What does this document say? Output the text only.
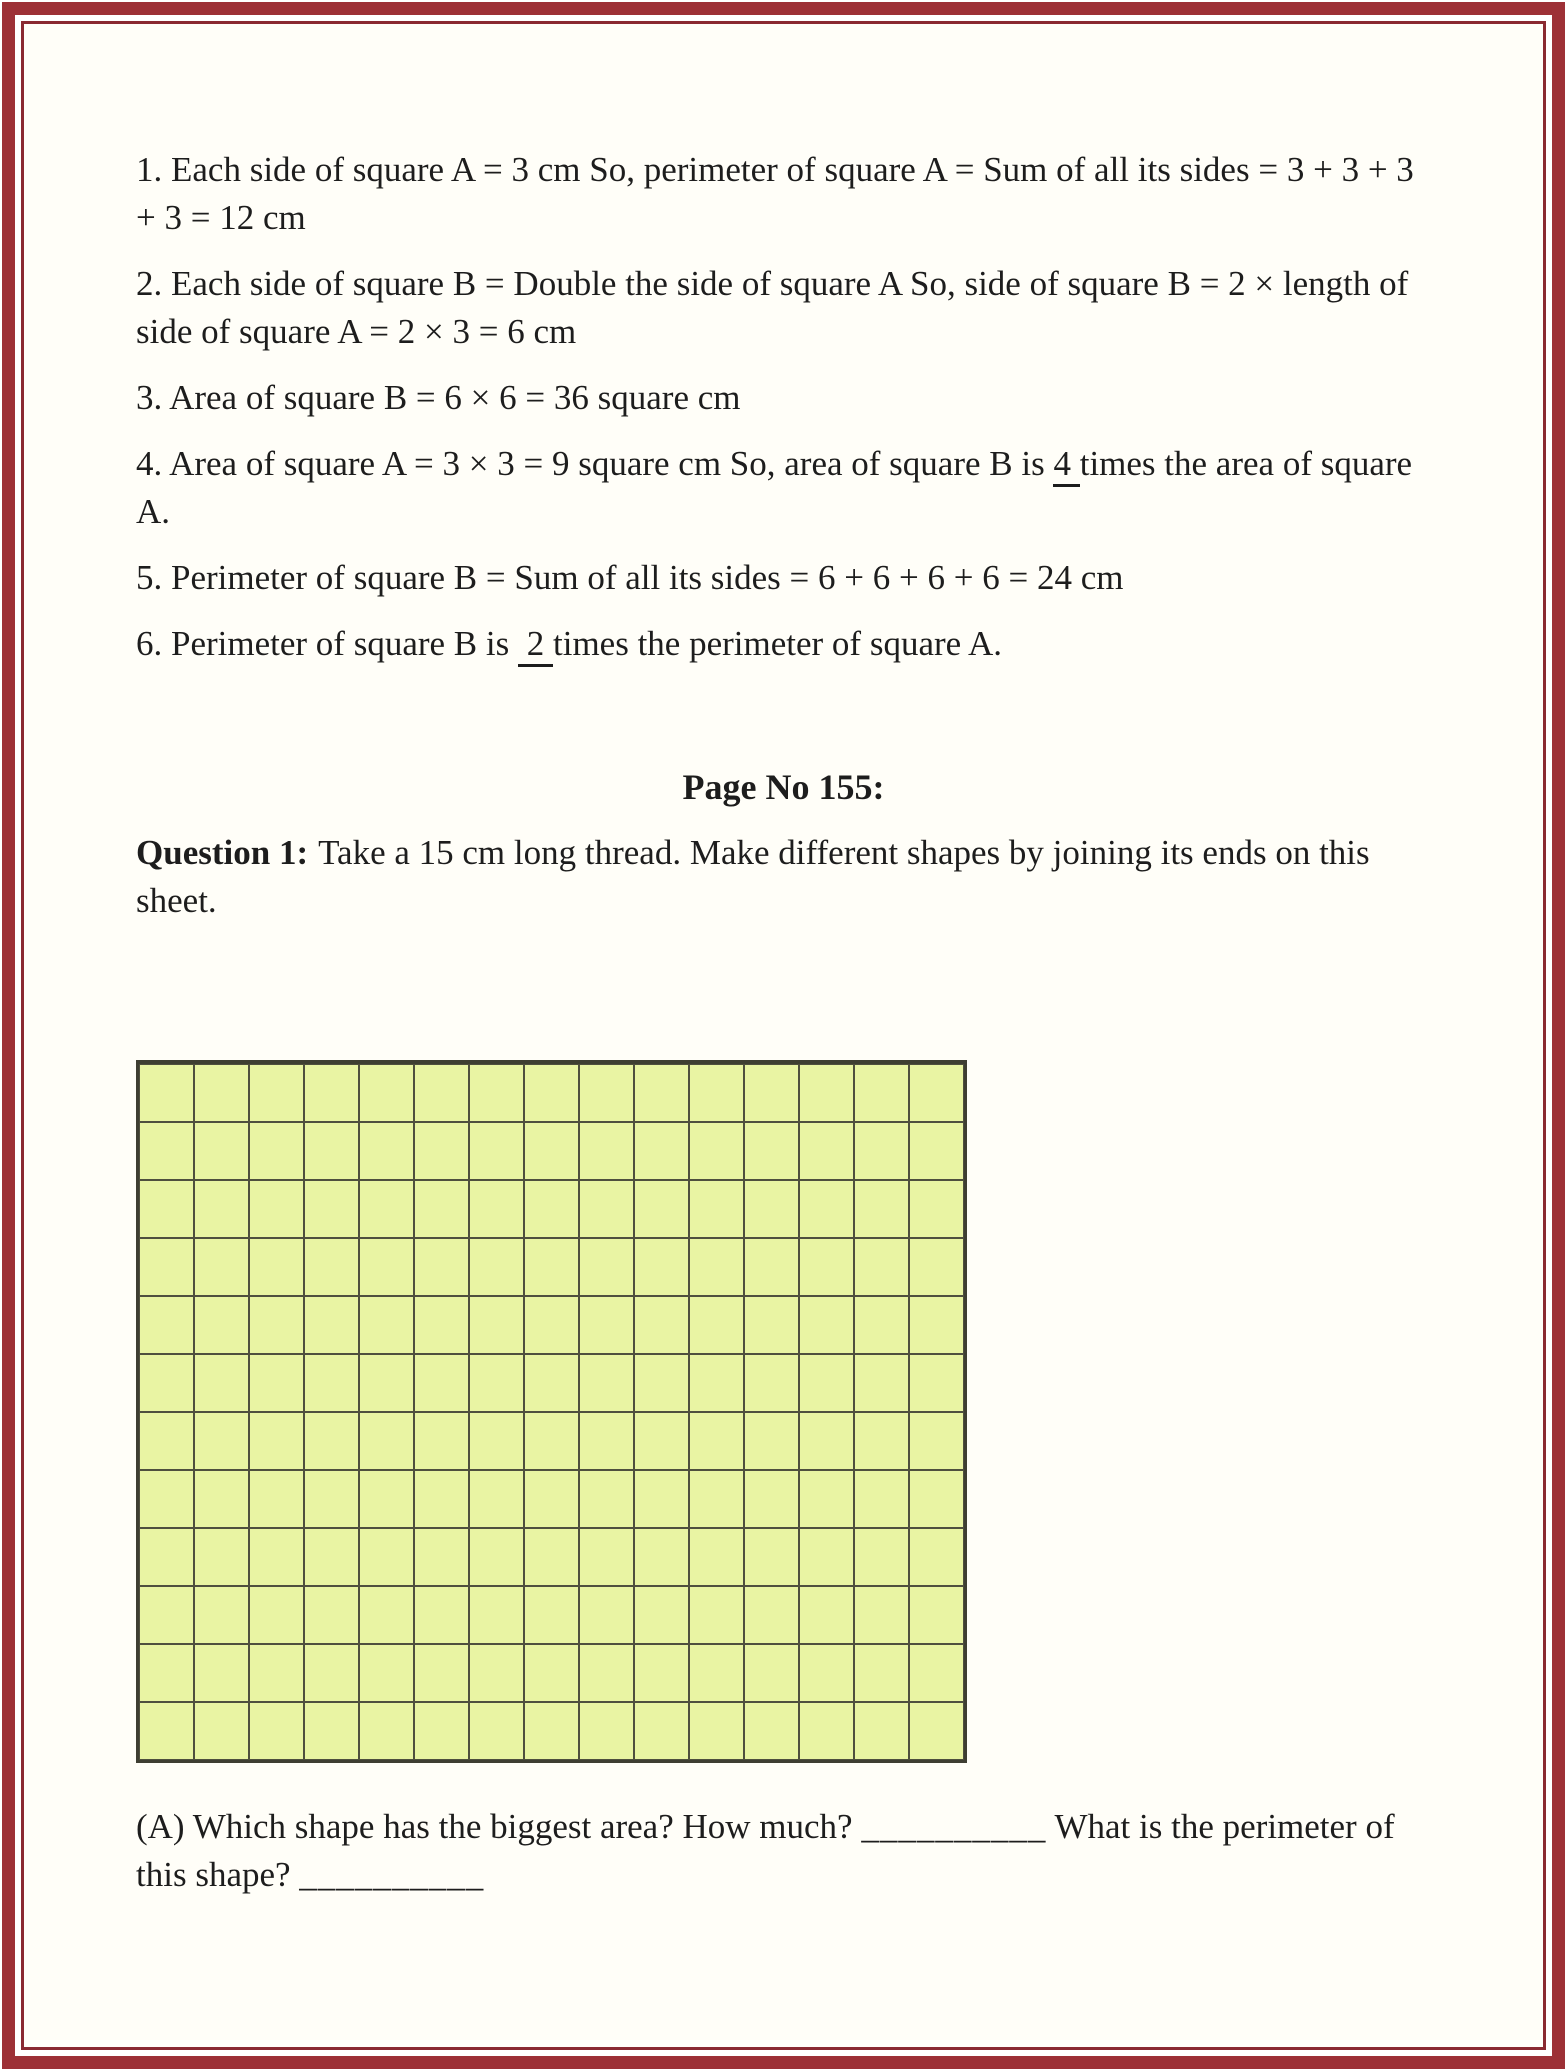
1. Each side of square A = 3 cm So, perimeter of square A = Sum of all its sides = 3 + 3 + 3 + 3 = 12 cm

2. Each side of square B = Double the side of square A So, side of square B = 2 × length of side of square A = 2 × 3 = 6 cm

3. Area of square B = 6 × 6 = 36 square cm

4. Area of square A = 3 × 3 = 9 square cm So, area of square B is 4 times the area of square A.

5. Perimeter of square B = Sum of all its sides = 6 + 6 + 6 + 6 = 24 cm

6. Perimeter of square B is  2 times the perimeter of square A.

Page No 155:

Question 1: Take a 15 cm long thread. Make different shapes by joining its ends on this sheet.

(A) Which shape has the biggest area? How much? __________ What is the perimeter of this shape? __________
